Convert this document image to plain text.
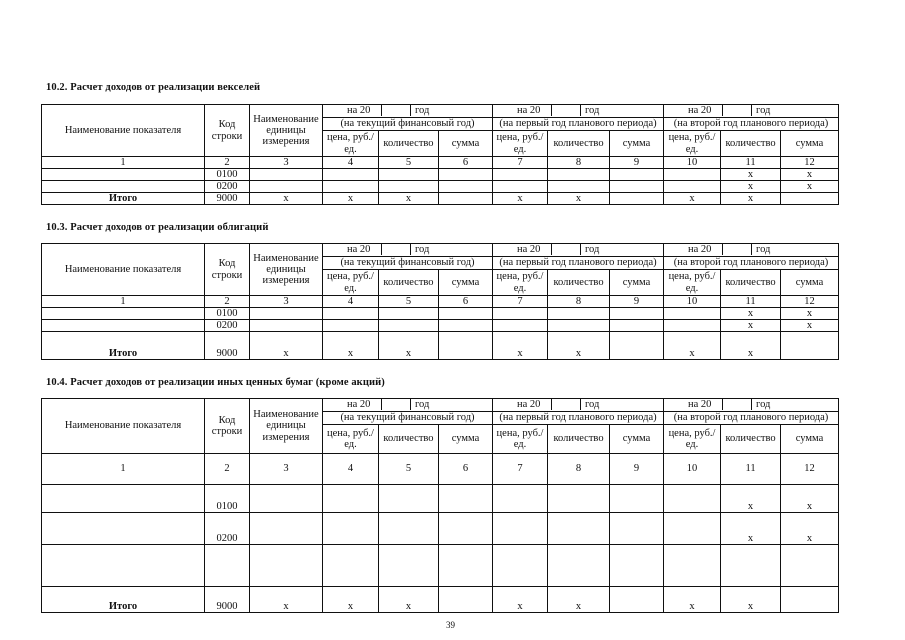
10.2. Расчет доходов от реализации векселей
Наименование показателя	Код строки	Наименование единицы измерения	на 20 год			на 20 год			на 20 год		

			(на текущий финансовый год)			(на первый год планового периода)			(на второй год планового периода)		
			цена, руб./ед.	количество	сумма	цена, руб./ед.	количество	сумма	цена, руб./ед.	количество	сумма
1	2	3	4	5	6	7	8	9	10	11	12
	0100									x	x
	0200									x	x
Итого	9000	x	x	x		x	x		x	x	
10.3. Расчет доходов от реализации облигаций
Наименование показателя	Код строки	Наименование единицы измерения	на 20 год			на 20 год			на 20 год		

			(на текущий финансовый год)			(на первый год планового периода)			(на второй год планового периода)		
			цена, руб./ед.	количество	сумма	цена, руб./ед.	количество	сумма	цена, руб./ед.	количество	сумма
1	2	3	4	5	6	7	8	9	10	11	12
	0100									x	x
	0200									x	x
Итого	9000	x	x	x		x	x		x	x	
10.4. Расчет доходов от реализации иных ценных бумаг (кроме акций)
Наименование показателя	Код строки	Наименование единицы измерения	на 20 год			на 20 год			на 20 год		

			(на текущий финансовый год)			(на первый год планового периода)			(на второй год планового периода)		
			цена, руб./ед.	количество	сумма	цена, руб./ед.	количество	сумма	цена, руб./ед.	количество	сумма
1	2	3	4	5	6	7	8	9	10	11	12
	0100									x	x
	0200									x	x

Итого	9000	x	x	x		x	x		x	x	
39
